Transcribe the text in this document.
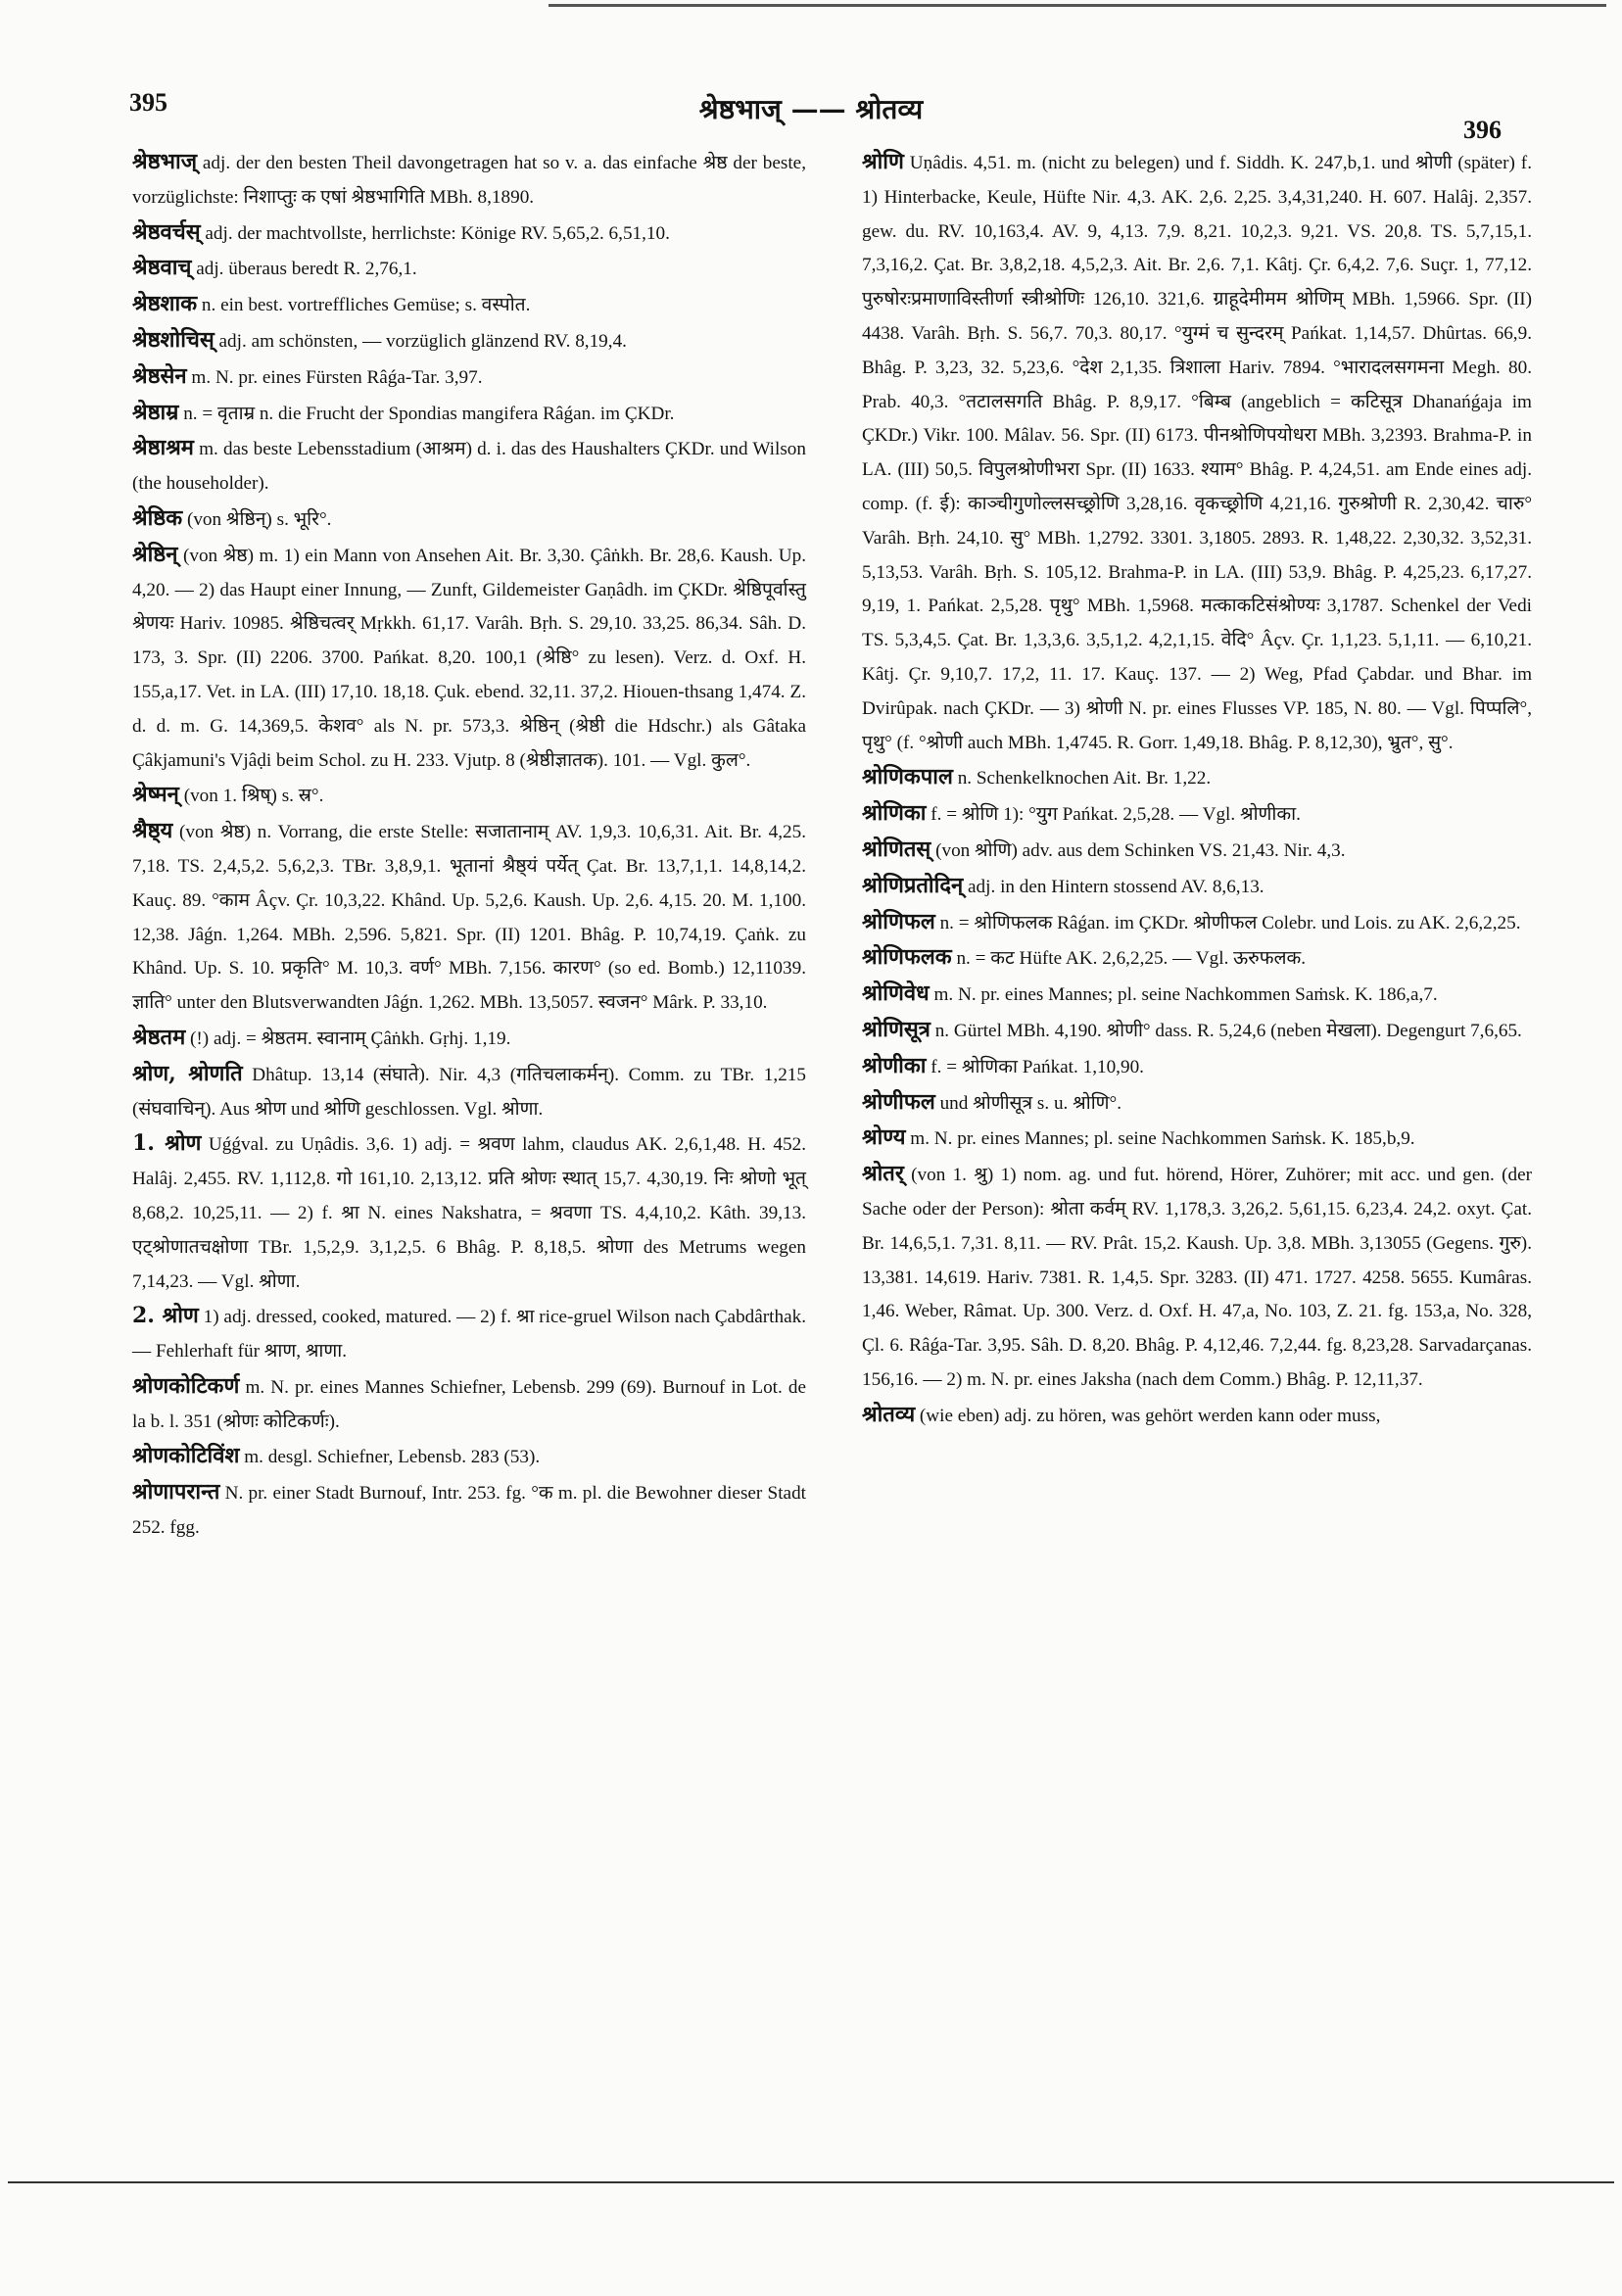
395
396
श्रेष्ठभाज् —— श्रोतव्य

श्रेष्ठभाज् adj. der den besten Theil davongetragen hat so v. a. das einfache श्रेष्ठ der beste, vorzüglichste: निशाप्तुः क एषां श्रेष्ठभागिति MBh. 8,1890.

श्रेष्ठवर्चस् adj. der machtvollste, herrlichste: Könige RV. 5,65,2. 6,51,10.

श्रेष्ठवाच् adj. überaus beredt R. 2,76,1.

श्रेष्ठशाक n. ein best. vortreffliches Gemüse; s. वस्पोत.

श्रेष्ठशोचिस् adj. am schönsten, — vorzüglich glänzend RV. 8,19,4.

श्रेष्ठसेन m. N. pr. eines Fürsten Râǵa-Tar. 3,97.

श्रेष्ठाम्र n. = वृताम्र n. die Frucht der Spondias mangifera Râǵan. im ÇKDr.

श्रेष्ठाश्रम m. das beste Lebensstadium (आश्रम) d. i. das des Haushalters ÇKDr. und Wilson (the householder).

श्रेष्ठिक (von श्रेष्ठिन्) s. भूरि°.

श्रेष्ठिन् (von श्रेष्ठ) m. 1) ein Mann von Ansehen Ait. Br. 3,30. Çâṅkh. Br. 28,6. Kaush. Up. 4,20. — 2) das Haupt einer Innung, — Zunft, Gildemeister Gaṇâdh. im ÇKDr. श्रेष्ठिपूर्वास्तु श्रेणयः Hariv. 10985. श्रेष्ठिचत्वर् Mṛkkh. 61,17. Varâh. Bṛh. S. 29,10. 33,25. 86,34. Sâh. D. 173, 3. Spr. (II) 2206. 3700. Pańkat. 8,20. 100,1 (श्रेष्ठि° zu lesen). Verz. d. Oxf. H. 155,a,17. Vet. in LA. (III) 17,10. 18,18. Çuk. ebend. 32,11. 37,2. Hiouen-thsang 1,474. Z. d. d. m. G. 14,369,5. केशव° als N. pr. 573,3. श्रेष्ठिन् (श्रेष्ठी die Hdschr.) als Gâtaka Çâkjamuni's Vjâḍi beim Schol. zu H. 233. Vjutp. 8 (श्रेष्ठीज्ञातक). 101. — Vgl. कुल°.

श्रेष्मन् (von 1. श्रिष्) s. स्र°.

श्रैष्ठ्य (von श्रेष्ठ) n. Vorrang, die erste Stelle: सजातानाम् AV. 1,9,3. 10,6,31. Ait. Br. 4,25. 7,18. TS. 2,4,5,2. 5,6,2,3. TBr. 3,8,9,1. भूतानां श्रैष्ठ्यं पर्येत् Çat. Br. 13,7,1,1. 14,8,14,2. Kauç. 89. °काम Âçv. Çr. 10,3,22. Khând. Up. 5,2,6. Kaush. Up. 2,6. 4,15. 20. M. 1,100. 12,38. Jâǵn. 1,264. MBh. 2,596. 5,821. Spr. (II) 1201. Bhâg. P. 10,74,19. Çaṅk. zu Khând. Up. S. 10. प्रकृति° M. 10,3. वर्ण° MBh. 7,156. कारण° (so ed. Bomb.) 12,11039. ज्ञाति° unter den Blutsverwandten Jâǵn. 1,262. MBh. 13,5057. स्वजन° Mârk. P. 33,10.

श्रेष्ठतम (!) adj. = श्रेष्ठतम. स्वानाम् Çâṅkh. Gṛhj. 1,19.

श्रोण, श्रोणति Dhâtup. 13,14 (संघाते). Nir. 4,3 (गतिचलाकर्मन्). Comm. zu TBr. 1,215 (संघवाचिन्). Aus श्रोण und श्रोणि geschlossen. Vgl. श्रोणा.

1. श्रोण Uǵǵval. zu Uṇâdis. 3,6. 1) adj. = श्रवण lahm, claudus AK. 2,6,1,48. H. 452. Halâj. 2,455. RV. 1,112,8. गो 161,10. 2,13,12. प्रति श्रोणः स्थात् 15,7. 4,30,19. निः श्रोणो भूत् 8,68,2. 10,25,11. — 2) f. श्रा N. eines Nakshatra, = श्रवणा TS. 4,4,10,2. Kâth. 39,13. एट्श्रोणातचक्षोणा TBr. 1,5,2,9. 3,1,2,5. 6 Bhâg. P. 8,18,5. श्रोणा des Metrums wegen 7,14,23. — Vgl. श्रोणा.

2. श्रोण 1) adj. dressed, cooked, matured. — 2) f. श्रा rice-gruel Wilson nach Çabdârthak. — Fehlerhaft für श्राण, श्राणा.

श्रोणकोटिकर्ण m. N. pr. eines Mannes Schiefner, Lebensb. 299 (69). Burnouf in Lot. de la b. l. 351 (श्रोणः कोटिकर्णः).

श्रोणकोटिविंश m. desgl. Schiefner, Lebensb. 283 (53).

श्रोणापरान्त N. pr. einer Stadt Burnouf, Intr. 253. fg. °क m. pl. die Bewohner dieser Stadt 252. fgg.

श्रोणि Uṇâdis. 4,51. m. (nicht zu belegen) und f. Siddh. K. 247,b,1. und श्रोणी (später) f. 1) Hinterbacke, Keule, Hüfte Nir. 4,3. AK. 2,6. 2,25. 3,4,31,240. H. 607. Halâj. 2,357. gew. du. RV. 10,163,4. AV. 9, 4,13. 7,9. 8,21. 10,2,3. 9,21. VS. 20,8. TS. 5,7,15,1. 7,3,16,2. Çat. Br. 3,8,2,18. 4,5,2,3. Ait. Br. 2,6. 7,1. Kâtj. Çr. 6,4,2. 7,6. Suçr. 1, 77,12. पुरुषोरःप्रमाणाविस्तीर्णा स्त्रीश्रोणिः 126,10. 321,6. ग्राहूदेमीमम श्रोणिम् MBh. 1,5966. Spr. (II) 4438. Varâh. Bṛh. S. 56,7. 70,3. 80,17. °युग्मं च सुन्दरम् Pańkat. 1,14,57. Dhûrtas. 66,9. Bhâg. P. 3,23, 32. 5,23,6. °देश 2,1,35. त्रिशाला Hariv. 7894. °भारादलसगमना Megh. 80. Prab. 40,3. °तटालसगति Bhâg. P. 8,9,17. °बिम्ब (angeblich = कटिसूत्र Dhanańǵaja im ÇKDr.) Vikr. 100. Mâlav. 56. Spr. (II) 6173. पीनश्रोणिपयोधरा MBh. 3,2393. Brahma-P. in LA. (III) 50,5. विपुलश्रोणीभरा Spr. (II) 1633. श्याम° Bhâg. P. 4,24,51. am Ende eines adj. comp. (f. ई): काञ्चीगुणोल्लसच्छ्रोणि 3,28,16. वृकच्छ्रोणि 4,21,16. गुरुश्रोणी R. 2,30,42. चारु° Varâh. Bṛh. 24,10. सु° MBh. 1,2792. 3301. 3,1805. 2893. R. 1,48,22. 2,30,32. 3,52,31. 5,13,53. Varâh. Bṛh. S. 105,12. Brahma-P. in LA. (III) 53,9. Bhâg. P. 4,25,23. 6,17,27. 9,19, 1. Pańkat. 2,5,28. पृथु° MBh. 1,5968. मत्काकटिसंश्रोण्यः 3,1787. Schenkel der Vedi TS. 5,3,4,5. Çat. Br. 1,3,3,6. 3,5,1,2. 4,2,1,15. वेदि° Âçv. Çr. 1,1,23. 5,1,11. — 6,10,21. Kâtj. Çr. 9,10,7. 17,2, 11. 17. Kauç. 137. — 2) Weg, Pfad Çabdar. und Bhar. im Dvirûpak. nach ÇKDr. — 3) श्रोणी N. pr. eines Flusses VP. 185, N. 80. — Vgl. पिप्पलि°, पृथु° (f. °श्रोणी auch MBh. 1,4745. R. Gorr. 1,49,18. Bhâg. P. 8,12,30), भ्रुत°, सु°.

श्रोणिकपाल n. Schenkelknochen Ait. Br. 1,22.

श्रोणिका f. = श्रोणि 1): °युग Pańkat. 2,5,28. — Vgl. श्रोणीका.

श्रोणितस् (von श्रोणि) adv. aus dem Schinken VS. 21,43. Nir. 4,3.

श्रोणिप्रतोदिन् adj. in den Hintern stossend AV. 8,6,13.

श्रोणिफल n. = श्रोणिफलक Râǵan. im ÇKDr. श्रोणीफल Colebr. und Lois. zu AK. 2,6,2,25.

श्रोणिफलक n. = कट Hüfte AK. 2,6,2,25. — Vgl. ऊरुफलक.

श्रोणिवेध m. N. pr. eines Mannes; pl. seine Nachkommen Saṁsk. K. 186,a,7.

श्रोणिसूत्र n. Gürtel MBh. 4,190. श्रोणी° dass. R. 5,24,6 (neben मेखला). Degengurt 7,6,65.

श्रोणीका f. = श्रोणिका Pańkat. 1,10,90.

श्रोणीफल und श्रोणीसूत्र s. u. श्रोणि°.

श्रोण्य m. N. pr. eines Mannes; pl. seine Nachkommen Saṁsk. K. 185,b,9.

श्रोतर् (von 1. श्रु) 1) nom. ag. und fut. hörend, Hörer, Zuhörer; mit acc. und gen. (der Sache oder der Person): श्रोता कर्वम् RV. 1,178,3. 3,26,2. 5,61,15. 6,23,4. 24,2. oxyt. Çat. Br. 14,6,5,1. 7,31. 8,11. — RV. Prât. 15,2. Kaush. Up. 3,8. MBh. 3,13055 (Gegens. गुरु). 13,381. 14,619. Hariv. 7381. R. 1,4,5. Spr. 3283. (II) 471. 1727. 4258. 5655. Kumâras. 1,46. Weber, Râmat. Up. 300. Verz. d. Oxf. H. 47,a, No. 103, Z. 21. fg. 153,a, No. 328, Çl. 6. Râǵa-Tar. 3,95. Sâh. D. 8,20. Bhâg. P. 4,12,46. 7,2,44. fg. 8,23,28. Sarvadarçanas. 156,16. — 2) m. N. pr. eines Jaksha (nach dem Comm.) Bhâg. P. 12,11,37.

श्रोतव्य (wie eben) adj. zu hören, was gehört werden kann oder muss,
